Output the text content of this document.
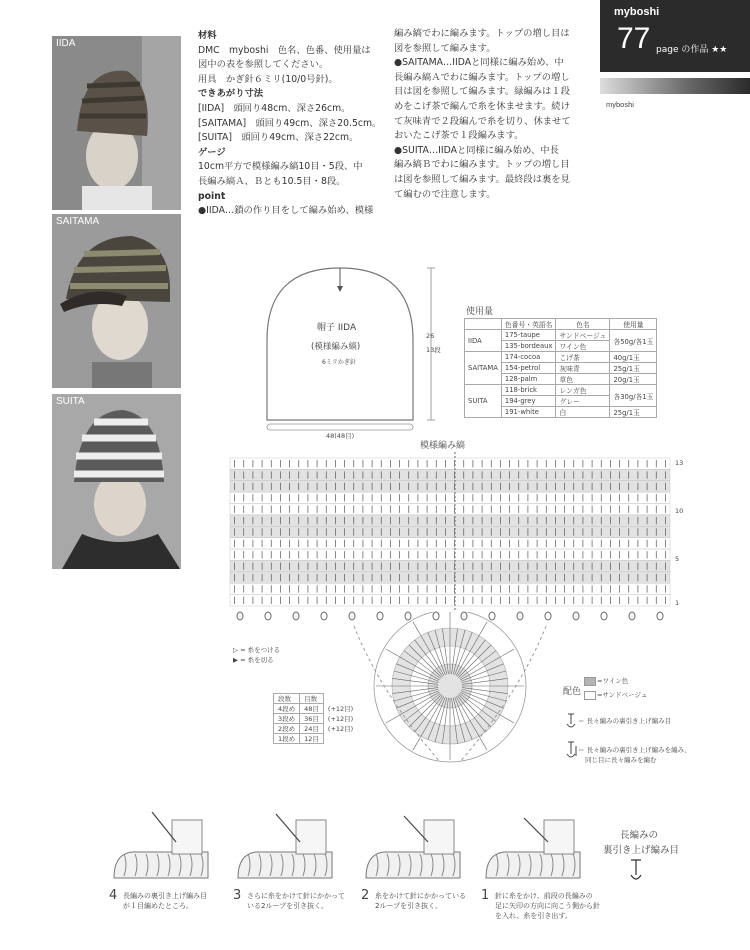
IIDA
SAITAMA
SUITA
材料
DMC　myboshi　色名、色番、使用量は
図中の表を参照してください。
用具　かぎ針６ミリ(10/0号針)。
できあがり寸法
[IIDA]　頭回り48cm、深さ26cm。
[SAITAMA]　頭回り49cm、深さ20.5cm。
[SUITA]　頭回り49cm、深さ22cm。
ゲージ
10cm平方で模様編み縞10目・5段、中
長編み縞Ａ、Ｂとも10.5目・8段。
point
●IIDA…鎖の作り目をして編み始め、模様
編み縞でわに編みます。トップの増し目は
図を参照して編みます。
●SAITAMA…IIDAと同様に編み始め、中
長編み縞Ａでわに編みます。トップの増し
目は図を参照して編みます。緑編みは１段
めをこげ茶で編んで糸を休ませます。続け
て灰味青で２段編んで糸を切り、休ませて
おいたこげ茶で１段編みます。
●SUITA…IIDAと同様に編み始め、中長
編み縞Ｂでわに編みます。トップの増し目
は図を参照して編みます。最終段は裏を見
て編むので注意します。
myboshi
77 page の作品 ★★
myboshi
帽子 IIDA
(模様編み縞)
6ミリかぎ針
48(48目)
26
13段
使用量
	色番号・英語名	色名	使用量
IIDA	175-taupe	サンドベージュ	各50g/各1玉
	135-bordeaux	ワイン色	
SAITAMA	174-cocoa	こげ茶	40g/1玉
	154-petrol	灰味青	25g/1玉
	128-palm	草色	20g/1玉
SUITA	118-brick	レンガ色	各30g/各1玉
	194-grey	グレー	
	191-white	白	25g/1玉
模様編み縞
13
10
5
1
▷ = 糸をつける
▶ = 糸を切る
段数	目数	
4段め	48目	(+12目)
3段め	36目	(+12目)
2段め	24目	(+12目)
1段め	12目	
配色
=ワイン色
=サンドベージュ
＝ 長々編みの裏引き上げ編み目
＝ 長々編みの裏引き上げ編みを編み、
同じ目に長々編みを編む
長編みの
裏引き上げ編み目
4 長編みの裏引き上げ編み目
が１目編めたところ。
3 さらに糸をかけて針にかかって
いる2ループを引き抜く。
2 糸をかけて針にかかっている
2ループを引き抜く。
1 針に糸をかけ、前段の長編みの
足に矢印の方向に向こう側から針
を入れ、糸を引き出す。
